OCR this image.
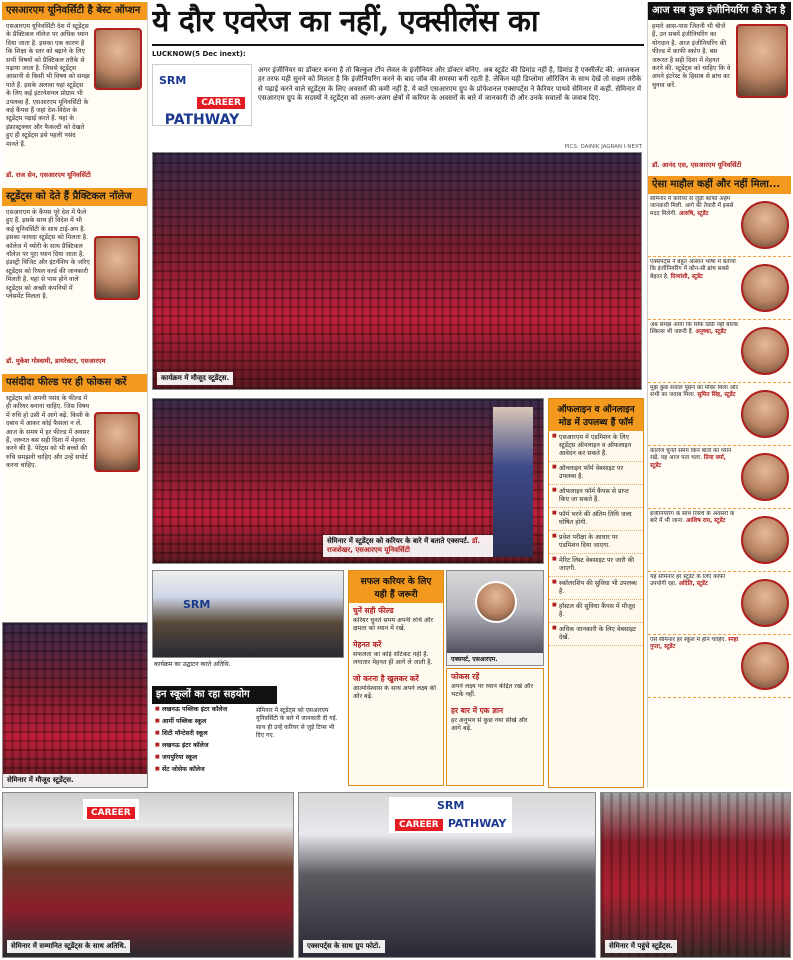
एसआरएम यूनिवर्सिटी है बेस्ट ऑप्शन
एसआरएम यूनिवर्सिटी देश में स्टूडेंट्स के प्रैक्टिकल नॉलेज पर अधिक ध्यान दिया जाता है. इसका एक कारण है कि शिक्षा के स्तर को बढ़ाने के लिए सभी विषयों को प्रैक्टिकल तरीके से पढ़ाया जाता है. जिससे स्टूडेंट्स आसानी से किसी भी विषय को समझ पाते हैं. इसके अलावा यहां स्टूडेंट्स के लिए कई इंटरनेशनल प्रोग्राम भी उपलब्ध हैं. एसआरएम यूनिवर्सिटी के कई कैंपस हैं जहां देश-विदेश के स्टूडेंट्स पढ़ाई करते हैं. यहां के इंफ्रास्ट्रक्चर और फैकल्टी को देखते हुए ही स्टूडेंट्स इसे पहली पसंद मानते हैं.
डॉ. राज सेन, एसआरएम यूनिवर्सिटी
स्टूडेंट्स को देते हैं प्रैक्टिकल नॉलेज
एसआरएम के कैंपस पूरे देश में फैले हुए हैं. इसके साथ ही विदेश में भी कई यूनिवर्सिटी के साथ टाई-अप है. इसका फायदा स्टूडेंट्स को मिलता है. कॉलेज में थ्योरी के साथ प्रैक्टिकल नॉलेज पर पूरा ध्यान दिया जाता है. इंडस्ट्री विजिट और इंटर्नशिप के जरिए स्टूडेंट्स को रियल वर्ल्ड की जानकारी मिलती है. यहां से पास होने वाले स्टूडेंट्स को अच्छी कंपनियों में प्लेसमेंट मिलता है.
डॉ. मुकेश गोस्वामी, डायरेक्टर, एसआरएम
पसंदीदा फील्ड पर ही फोकस करें
स्टूडेंट्स को अपनी पसंद के फील्ड में ही करियर बनाना चाहिए. जिस विषय में रुचि हो उसी में आगे बढ़ें. किसी के दबाव में आकर कोई फैसला न लें. आज के समय में हर फील्ड में अवसर हैं, जरूरत बस सही दिशा में मेहनत करने की है. पेरेंट्स को भी बच्चों की रुचि समझनी चाहिए और उन्हें सपोर्ट करना चाहिए.
सेमिनार में मौजूद स्टूडेंट्स.
ये दौर एवरेज का नहीं, एक्सीलेंस का
LUCKNOW(5 Dec inext):
SRM
CAREER
PATHWAY
अगर इंजीनियर या डॉक्टर बनना है तो बिल्कुल टॉप लेवल के इंजीनियर और डॉक्टर बनिए. अब स्टूडेंट की डिमांड नहीं है, डिमांड है एक्सीलेंट की. आजकल हर तरफ यही सुनने को मिलता है कि इंजीनियरिंग करने के बाद जॉब की समस्या बनी रहती है. लेकिन यही डिप्लोमा ऑरिजिन के साथ देखें तो सक्षम तरीके से पढ़ाई करने वाले स्टूडेंट्स के लिए अवसरों की कमी नहीं है. ये बातें एसआरएम ग्रुप के प्रोफेशनल एक्सपर्ट्स ने कैरियर पाथवे सेमिनार में कहीं. सेमिनार में एसआरएम ग्रुप के सदस्यों ने स्टूडेंट्स को अलग-अलग क्षेत्रों में करियर के अवसरों के बारे में जानकारी दी और उनके सवालों के जवाब दिए.
PICS: DAINIK JAGRAN I-NEXT
कार्यक्रम में मौजूद स्टूडेंट्स.
सेमिनार में स्टूडेंट्स को करियर के बारे में बताते एक्सपर्ट. डॉ. राजशेखर, एसआरएम यूनिवर्सिटी
ऑफलाइन व ऑनलाइन मोड में उपलब्ध हैं फॉर्म
■ एसआरएम में एडमिशन के लिए स्टूडेंट्स ऑनलाइन व ऑफलाइन आवेदन कर सकते हैं.
■ ऑनलाइन फॉर्म वेबसाइट पर उपलब्ध है.
■ ऑफलाइन फॉर्म कैंपस से प्राप्त किए जा सकते हैं.
■ फॉर्म भरने की अंतिम तिथि जल्द घोषित होगी.
■ प्रवेश परीक्षा के आधार पर एडमिशन दिया जाएगा.
■ मेरिट लिस्ट वेबसाइट पर जारी की जाएगी.
■ स्कॉलरशिप की सुविधा भी उपलब्ध है.
■ हॉस्टल की सुविधा कैंपस में मौजूद है.
■ अधिक जानकारी के लिए वेबसाइट देखें.
SRM
कार्यक्रम का उद्घाटन करते अतिथि.
सफल करियर के लिए यही हैं जरूरी
चुनें सही फील्ड
करियर चुनते समय अपनी रुचि और क्षमता को ध्यान में रखें.
मेहनत करें
सफलता का कोई शॉर्टकट नहीं है. लगातार मेहनत ही आगे ले जाती है.
जो करना है खुलकर करें
आत्मविश्वास के साथ अपने लक्ष्य की ओर बढ़ें.
एक्सपर्ट, एसआरएम.
फोकस रहें
अपने लक्ष्य पर ध्यान केंद्रित रखें और भटकें नहीं.
हर बार में एक ज्ञान
हर अनुभव से कुछ नया सीखें और आगे बढ़ें.
इन स्कूलों का रहा सहयोग
■ लखनऊ पब्लिक इंटर कॉलेज
■ आर्मी पब्लिक स्कूल
■ सिटी मॉन्टेसरी स्कूल
■ लखनऊ इंटर कॉलेज
■ जयपुरिया स्कूल
■ सेंट जोसेफ कॉलेज
सेमिनार में स्टूडेंट्स को एसआरएम यूनिवर्सिटी के बारे में जानकारी दी गई. साथ ही उन्हें करियर से जुड़े टिप्स भी दिए गए.
आज सब कुछ इंजीनियरिंग की देन है
हमारे आस-पास जितनी भी चीजें हैं, उन सबमें इंजीनियरिंग का योगदान है. आज इंजीनियरिंग की फील्ड में काफी स्कोप है. बस जरूरत है सही दिशा में मेहनत करने की. स्टूडेंट्स को चाहिए कि वे अपने इंटरेस्ट के हिसाब से ब्रांच का चुनाव करें.
डॉ. आनंद एस, एसआरएम यूनिवर्सिटी
ऐसा माहौल कहीं और नहीं मिला...
सेमिनार में करियर से जुड़ी काफी अहम जानकारी मिली. आगे की तैयारी में इससे मदद मिलेगी. आरुषि, स्टूडेंट
एक्सपर्ट्स ने बहुत आसान भाषा में बताया कि इंजीनियरिंग में कौन-सी ब्रांच सबसे बेहतर है. दिव्यांशी, स्टूडेंट
अब समझ आया कि सिर्फ डिग्री नहीं बल्कि स्किल्स भी जरूरी हैं. अनुष्का, स्टूडेंट
मुझे कुछ सवाल पूछने का मौका मिला और सभी का जवाब मिला. सुमित सिंह, स्टूडेंट
कॉलेज चुनते समय किन बातों का ध्यान रखें, यह आज पता चला. प्रिया वर्मा, स्टूडेंट
इंजीनियरिंग के साथ रिसर्च के अवसरों के बारे में भी जाना. आशिष राय, स्टूडेंट
यह सेमिनार हर स्टूडेंट के लिए काफी उपयोगी रहा. अदिति, स्टूडेंट
ऐसे सेमिनार हर स्कूल में होने चाहिए. स्नेहा गुप्ता, स्टूडेंट
CAREER
सेमिनार में सम्मानित स्टूडेंट्स के साथ अतिथि.
SRM
CAREER PATHWAY
एक्सपर्ट्स के साथ ग्रुप फोटो.	सेमिनार में पहुंचे स्टूडेंट्स.
